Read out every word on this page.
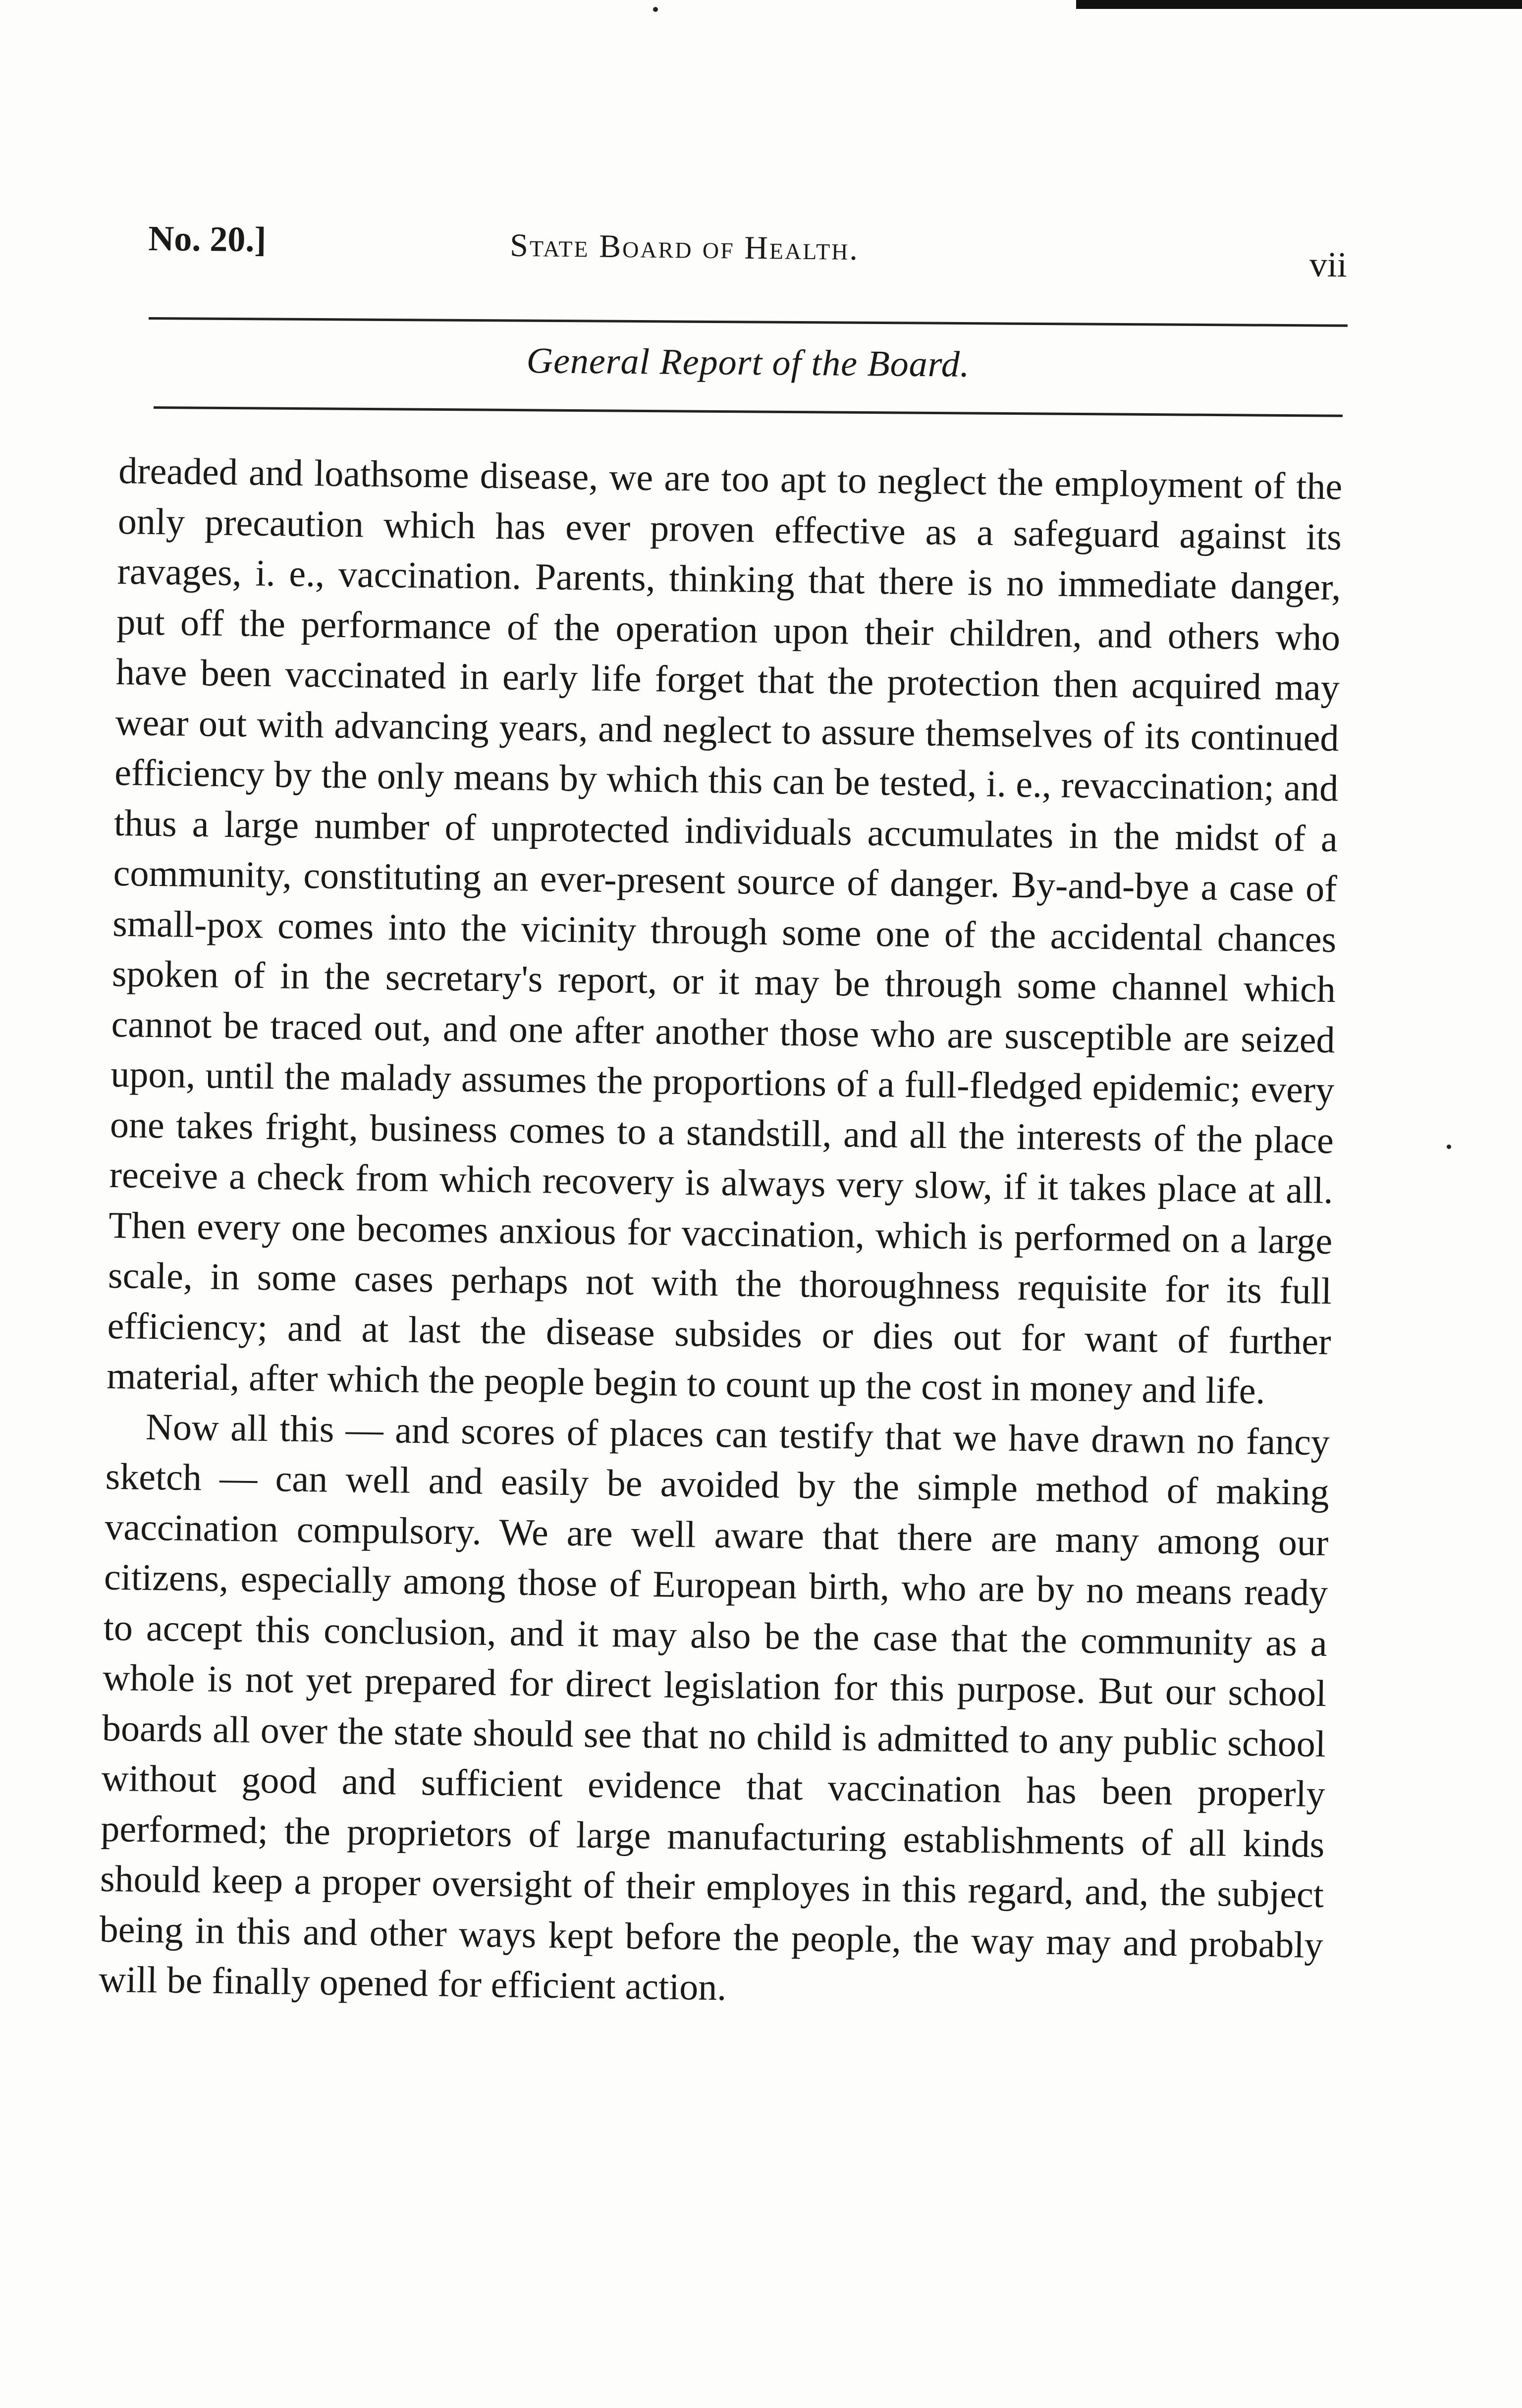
No. 20.]	State Board of Health.	vii
General Report of the Board.

dreaded and loathsome disease, we are too apt to neglect the employment of the only precaution which has ever proven effective as a safeguard against its ravages, i. e., vaccination. Parents, thinking that there is no immediate danger, put off the performance of the operation upon their children, and others who have been vaccinated in early life forget that the protection then acquired may wear out with advancing years, and neglect to assure themselves of its continued efficiency by the only means by which this can be tested, i. e., revaccination; and thus a large number of unprotected individuals accumulates in the midst of a community, constituting an ever-present source of danger. By-and-bye a case of small-pox comes into the vicinity through some one of the accidental chances spoken of in the secretary's report, or it may be through some channel which cannot be traced out, and one after another those who are susceptible are seized upon, until the malady assumes the proportions of a full-fledged epidemic; every one takes fright, business comes to a standstill, and all the interests of the place receive a check from which recovery is always very slow, if it takes place at all. Then every one becomes anxious for vaccination, which is performed on a large scale, in some cases perhaps not with the thoroughness requisite for its full efficiency; and at last the disease subsides or dies out for want of further material, after which the people begin to count up the cost in money and life.

Now all this — and scores of places can testify that we have drawn no fancy sketch — can well and easily be avoided by the simple method of making vaccination compulsory. We are well aware that there are many among our citizens, especially among those of European birth, who are by no means ready to accept this conclusion, and it may also be the case that the community as a whole is not yet prepared for direct legislation for this purpose. But our school boards all over the state should see that no child is admitted to any public school without good and sufficient evidence that vaccination has been properly performed; the proprietors of large manufacturing establishments of all kinds should keep a proper oversight of their employes in this regard, and, the subject being in this and other ways kept before the people, the way may and probably will be finally opened for efficient action.
